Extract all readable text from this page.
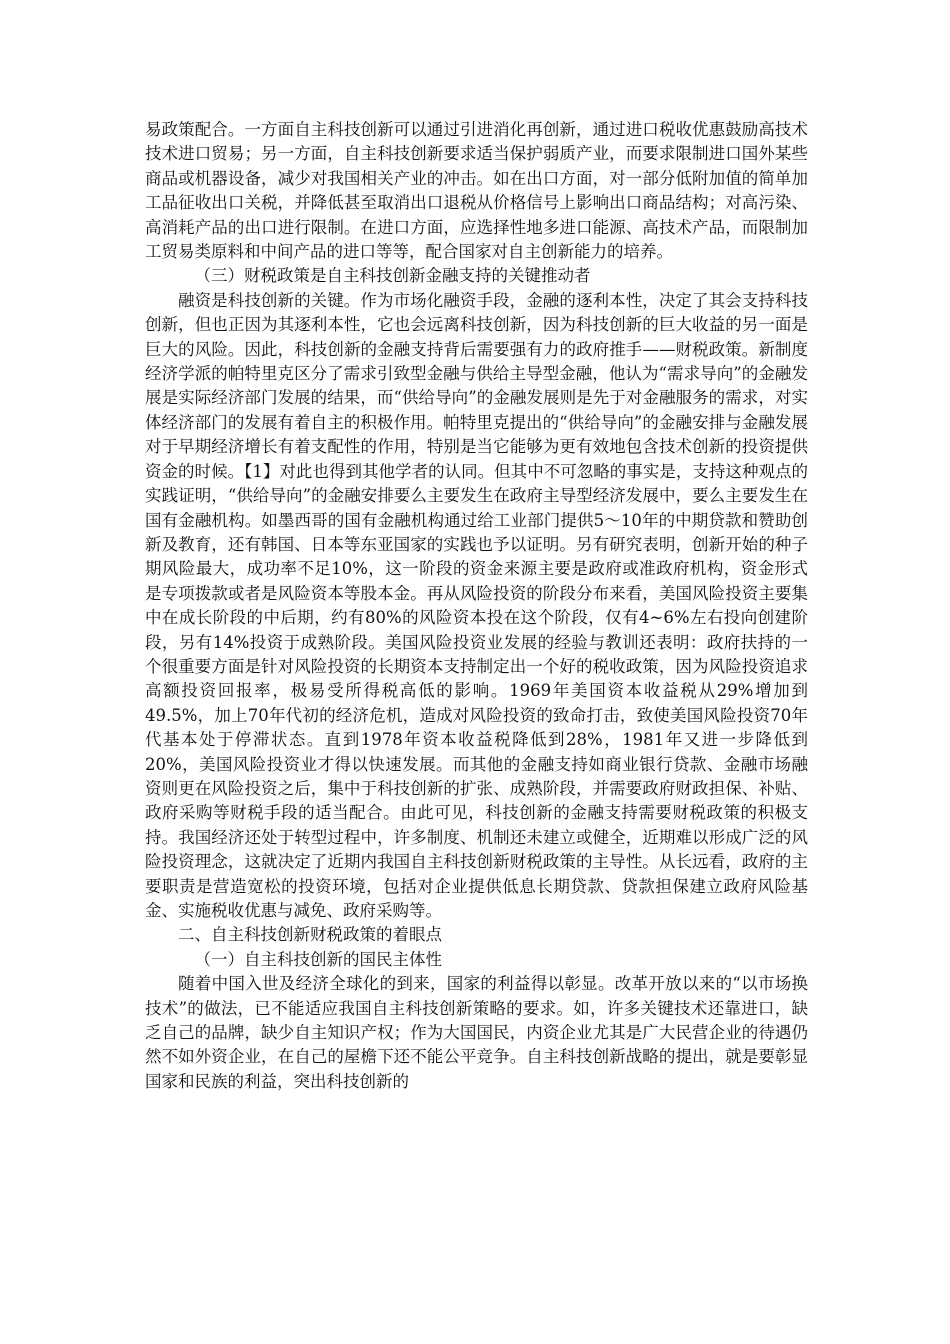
易政策配合。一方面自主科技创新可以通过引进消化再创新，通过进口税收优惠鼓励高技术技术进口贸易；另一方面，自主科技创新要求适当保护弱质产业，而要求限制进口国外某些商品或机器设备，减少对我国相关产业的冲击。如在出口方面，对一部分低附加值的简单加工品征收出口关税，并降低甚至取消出口退税从价格信号上影响出口商品结构；对高污染、高消耗产品的出口进行限制。在进口方面，应选择性地多进口能源、高技术产品，而限制加工贸易类原料和中间产品的进口等等，配合国家对自主创新能力的培养。

（三）财税政策是自主科技创新金融支持的关键推动者

融资是科技创新的关键。作为市场化融资手段，金融的逐利本性，决定了其会支持科技创新，但也正因为其逐利本性，它也会远离科技创新，因为科技创新的巨大收益的另一面是巨大的风险。因此，科技创新的金融支持背后需要强有力的政府推手——财税政策。新制度经济学派的帕特里克区分了需求引致型金融与供给主导型金融，他认为“需求导向”的金融发展是实际经济部门发展的结果，而“供给导向”的金融发展则是先于对金融服务的需求，对实体经济部门的发展有着自主的积极作用。帕特里克提出的“供给导向”的金融安排与金融发展对于早期经济增长有着支配性的作用，特别是当它能够为更有效地包含技术创新的投资提供资金的时候。【1】对此也得到其他学者的认同。但其中不可忽略的事实是，支持这种观点的实践证明，“供给导向”的金融安排要么主要发生在政府主导型经济发展中，要么主要发生在国有金融机构。如墨西哥的国有金融机构通过给工业部门提供5～10年的中期贷款和赞助创新及教育，还有韩国、日本等东亚国家的实践也予以证明。另有研究表明，创新开始的种子期风险最大，成功率不足10%，这一阶段的资金来源主要是政府或准政府机构，资金形式是专项拨款或者是风险资本等股本金。再从风险投资的阶段分布来看，美国风险投资主要集中在成长阶段的中后期，约有80%的风险资本投在这个阶段，仅有4~6%左右投向创建阶段，另有14%投资于成熟阶段。美国风险投资业发展的经验与教训还表明：政府扶持的一个很重要方面是针对风险投资的长期资本支持制定出一个好的税收政策，因为风险投资追求高额投资回报率，极易受所得税高低的影响。1969年美国资本收益税从29%增加到49.5%，加上70年代初的经济危机，造成对风险投资的致命打击，致使美国风险投资70年代基本处于停滞状态。直到1978年资本收益税降低到28%，1981年又进一步降低到20%，美国风险投资业才得以快速发展。而其他的金融支持如商业银行贷款、金融市场融资则更在风险投资之后，集中于科技创新的扩张、成熟阶段，并需要政府财政担保、补贴、政府采购等财税手段的适当配合。由此可见，科技创新的金融支持需要财税政策的积极支持。我国经济还处于转型过程中，许多制度、机制还未建立或健全，近期难以形成广泛的风险投资理念，这就决定了近期内我国自主科技创新财税政策的主导性。从长远看，政府的主要职责是营造宽松的投资环境，包括对企业提供低息长期贷款、贷款担保建立政府风险基金、实施税收优惠与减免、政府采购等。

二、自主科技创新财税政策的着眼点

（一）自主科技创新的国民主体性

随着中国入世及经济全球化的到来，国家的利益得以彰显。改革开放以来的“以市场换技术”的做法，已不能适应我国自主科技创新策略的要求。如，许多关键技术还靠进口，缺乏自己的品牌，缺少自主知识产权；作为大国国民，内资企业尤其是广大民营企业的待遇仍然不如外资企业，在自己的屋檐下还不能公平竞争。自主科技创新战略的提出，就是要彰显国家和民族的利益，突出科技创新的
